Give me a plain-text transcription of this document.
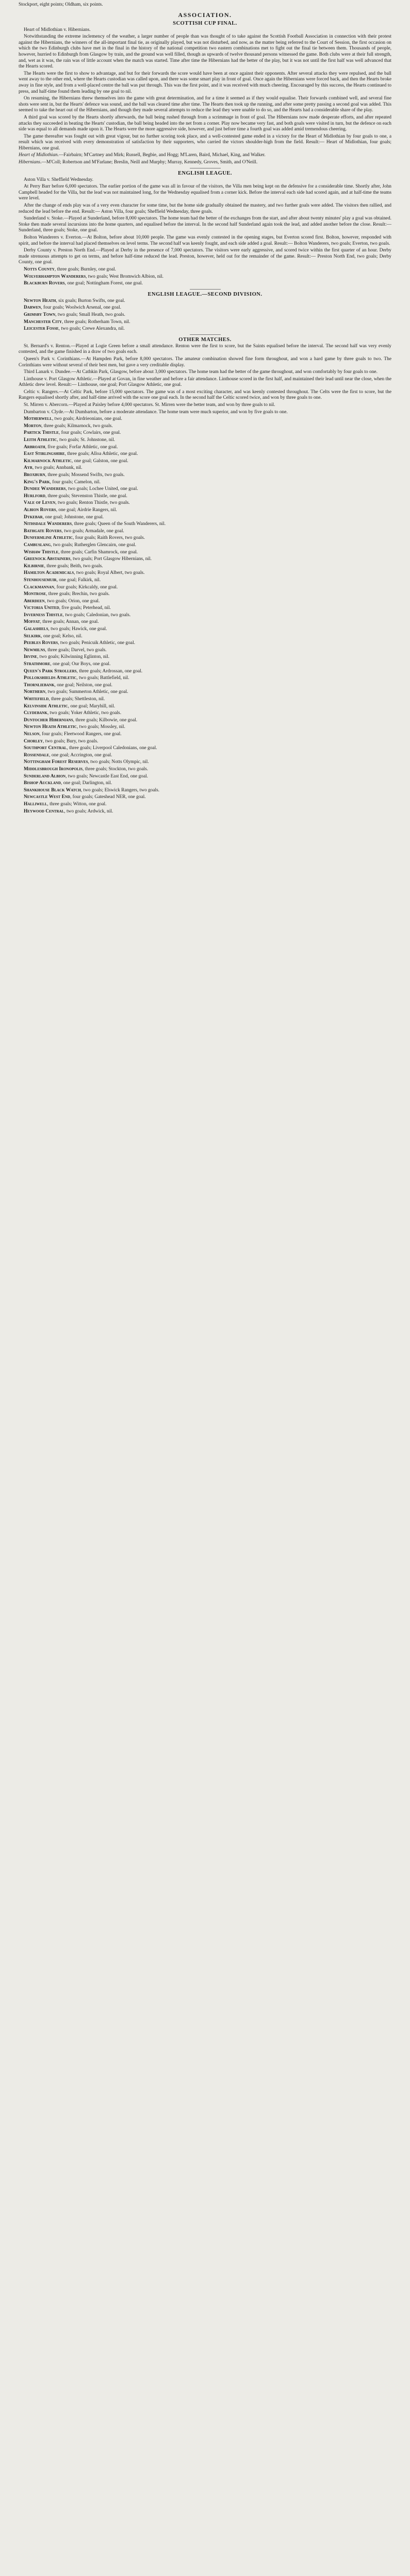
Stockport, eight points; Oldham, six points.

ASSOCIATION.
SCOTTISH CUP FINAL.

Heart of Midlothian v. Hibernians.

Notwithstanding the extreme inclemency of the weather, a larger number of people than was thought of to take against the Scottish Football Association in connection with their protest against the Hibernians, the winners of the all-important final tie, as originally played, but was not disturbed, and now, as the matter being referred to the Court of Session, the first occasion on which the two Edinburgh clubs have met in the final in the history of the national competition two eastern combinations met to fight out the final tie between them. Thousands of people, however, hurried to Edinburgh from Glasgow by train, and the ground was well filled, though as upwards of twelve thousand persons witnessed the game. Both clubs were at their full strength, and, wet as it was, the rain was of little account when the match was started. Time after time the Hibernians had the better of the play, but it was not until the first half was well advanced that the Hearts scored.

The Hearts were the first to show to advantage, and but for their forwards the score would have been at once against their opponents. After several attacks they were repulsed, and the ball went away to the other end, where the Hearts custodian was called upon, and there was some smart play in front of goal. Once again the Hibernians were forced back, and then the Hearts broke away in fine style, and from a well-placed centre the ball was put through. This was the first point, and it was received with much cheering. Encouraged by this success, the Hearts continued to press, and half-time found them leading by one goal to nil.

On resuming, the Hibernians threw themselves into the game with great determination, and for a time it seemed as if they would equalise. Their forwards combined well, and several fine shots were sent in, but the Hearts' defence was sound, and the ball was cleared time after time. The Hearts then took up the running, and after some pretty passing a second goal was added. This seemed to take the heart out of the Hibernians, and though they made several attempts to reduce the lead they were unable to do so, and the Hearts had a considerable share of the play.

A third goal was scored by the Hearts shortly afterwards, the ball being rushed through from a scrimmage in front of goal. The Hibernians now made desperate efforts, and after repeated attacks they succeeded in beating the Hearts' custodian, the ball being headed into the net from a corner. Play now became very fast, and both goals were visited in turn, but the defence on each side was equal to all demands made upon it. The Hearts were the more aggressive side, however, and just before time a fourth goal was added amid tremendous cheering.

The game thereafter was fought out with great vigour, but no further scoring took place, and a well-contested game ended in a victory for the Heart of Midlothian by four goals to one, a result which was received with every demonstration of satisfaction by their supporters, who carried the victors shoulder-high from the field. Result:— Heart of Midlothian, four goals; Hibernians, one goal.

Heart of Midlothian.—Fairbairn; M'Cartney and Mirk; Russell, Begbie, and Hogg; M'Laren, Baird, Michael, King, and Walker.

Hibernians.—M'Coll; Robertson and M'Farlane; Breslin, Neill and Murphy; Murray, Kennedy, Groves, Smith, and O'Neill.

ENGLISH LEAGUE.

Aston Villa v. Sheffield Wednesday.

At Perry Barr before 6,000 spectators. The earlier portion of the game was all in favour of the visitors, the Villa men being kept on the defensive for a considerable time. Shortly after, John Campbell headed for the Villa, but the lead was not maintained long, for the Wednesday equalised from a corner kick. Before the interval each side had scored again, and at half-time the teams were level.

After the change of ends play was of a very even character for some time, but the home side gradually obtained the mastery, and two further goals were added. The visitors then rallied, and reduced the lead before the end. Result:— Aston Villa, four goals; Sheffield Wednesday, three goals.

Sunderland v. Stoke.—Played at Sunderland, before 8,000 spectators. The home team had the better of the exchanges from the start, and after about twenty minutes' play a goal was obtained. Stoke then made several incursions into the home quarters, and equalised before the interval. In the second half Sunderland again took the lead, and added another before the close. Result:— Sunderland, three goals; Stoke, one goal.

Bolton Wanderers v. Everton.—At Bolton, before about 10,000 people. The game was evenly contested in the opening stages, but Everton scored first. Bolton, however, responded with spirit, and before the interval had placed themselves on level terms. The second half was keenly fought, and each side added a goal. Result:— Bolton Wanderers, two goals; Everton, two goals.

Derby County v. Preston North End.—Played at Derby in the presence of 7,000 spectators. The visitors were early aggressive, and scored twice within the first quarter of an hour. Derby made strenuous attempts to get on terms, and before half-time reduced the lead. Preston, however, held out for the remainder of the game. Result:— Preston North End, two goals; Derby County, one goal.

Notts County, three goals; Burnley, one goal.

Wolverhampton Wanderers, two goals; West Bromwich Albion, nil.

Blackburn Rovers, one goal; Nottingham Forest, one goal.

ENGLISH LEAGUE.—SECOND DIVISION.

Newton Heath, six goals; Burton Swifts, one goal.

Darwen, four goals; Woolwich Arsenal, one goal.

Grimsby Town, two goals; Small Heath, two goals.

Manchester City, three goals; Rotherham Town, nil.

Leicester Fosse, two goals; Crewe Alexandra, nil.

OTHER MATCHES.

St. Bernard's v. Renton.—Played at Logie Green before a small attendance. Renton were the first to score, but the Saints equalised before the interval. The second half was very evenly contested, and the game finished in a draw of two goals each.

Queen's Park v. Corinthians.—At Hampden Park, before 8,000 spectators. The amateur combination showed fine form throughout, and won a hard game by three goals to two. The Corinthians were without several of their best men, but gave a very creditable display.

Third Lanark v. Dundee.—At Cathkin Park, Glasgow, before about 3,000 spectators. The home team had the better of the game throughout, and won comfortably by four goals to one.

Linthouse v. Port Glasgow Athletic.—Played at Govan, in fine weather and before a fair attendance. Linthouse scored in the first half, and maintained their lead until near the close, when the Athletic drew level. Result:— Linthouse, one goal; Port Glasgow Athletic, one goal.

Celtic v. Rangers.—At Celtic Park, before 15,000 spectators. The game was of a most exciting character, and was keenly contested throughout. The Celts were the first to score, but the Rangers equalised shortly after, and half-time arrived with the score one goal each. In the second half the Celtic scored twice, and won by three goals to one.

St. Mirren v. Abercorn.—Played at Paisley before 4,000 spectators. St. Mirren were the better team, and won by three goals to nil.

Dumbarton v. Clyde.—At Dumbarton, before a moderate attendance. The home team were much superior, and won by five goals to one.

Motherwell, two goals; Airdrieonians, one goal.

Morton, three goals; Kilmarnock, two goals.

Partick Thistle, four goals; Cowlairs, one goal.

Leith Athletic, two goals; St. Johnstone, nil.

Arbroath, five goals; Forfar Athletic, one goal.

East Stirlingshire, three goals; Alloa Athletic, one goal.

Kilmarnock Athletic, one goal; Galston, one goal.

Ayr, two goals; Annbank, nil.

Broxburn, three goals; Mossend Swifts, two goals.

King's Park, four goals; Camelon, nil.

Dundee Wanderers, two goals; Lochee United, one goal.

Hurlford, three goals; Stevenston Thistle, one goal.

Vale of Leven, two goals; Renton Thistle, two goals.

Albion Rovers, one goal; Airdrie Rangers, nil.

Dykebar, one goal; Johnstone, one goal.

Nithsdale Wanderers, three goals; Queen of the South Wanderers, nil.

Bathgate Rovers, two goals; Armadale, one goal.

Dunfermline Athletic, four goals; Raith Rovers, two goals.

Cambuslang, two goals; Rutherglen Glencairn, one goal.

Wishaw Thistle, three goals; Carfin Shamrock, one goal.

Greenock Abstainers, two goals; Port Glasgow Hibernians, nil.

Kilbirnie, three goals; Beith, two goals.

Hamilton Academicals, two goals; Royal Albert, two goals.

Stenhousemuir, one goal; Falkirk, nil.

Clackmannan, four goals; Kirkcaldy, one goal.

Montrose, three goals; Brechin, two goals.

Aberdeen, two goals; Orion, one goal.

Victoria United, five goals; Peterhead, nil.

Inverness Thistle, two goals; Caledonian, two goals.

Moffat, three goals; Annan, one goal.

Galashiels, two goals; Hawick, one goal.

Selkirk, one goal; Kelso, nil.

Peebles Rovers, two goals; Penicuik Athletic, one goal.

Newmilns, three goals; Darvel, two goals.

Irvine, two goals; Kilwinning Eglinton, nil.

Strathmore, one goal; Our Boys, one goal.

Queen's Park Strollers, three goals; Ardrossan, one goal.

Pollokshields Athletic, two goals; Battlefield, nil.

Thornliebank, one goal; Neilston, one goal.

Northern, two goals; Summerton Athletic, one goal.

Whitefield, three goals; Shettleston, nil.

Kelvinside Athletic, one goal; Maryhill, nil.

Clydebank, two goals; Yoker Athletic, two goals.

Duntocher Hibernians, three goals; Kilbowie, one goal.

Newton Heath Athletic, two goals; Mossley, nil.

Nelson, four goals; Fleetwood Rangers, one goal.

Chorley, two goals; Bury, two goals.

Southport Central, three goals; Liverpool Caledonians, one goal.

Rossendale, one goal; Accrington, one goal.

Nottingham Forest Reserves, two goals; Notts Olympic, nil.

Middlesbrough Ironopolis, three goals; Stockton, two goals.

Sunderland Albion, two goals; Newcastle East End, one goal.

Bishop Auckland, one goal; Darlington, nil.

Shankhouse Black Watch, two goals; Elswick Rangers, two goals.

Newcastle West End, four goals; Gateshead NER, one goal.

Halliwell, three goals; Witton, one goal.

Heywood Central, two goals; Ardwick, nil.
